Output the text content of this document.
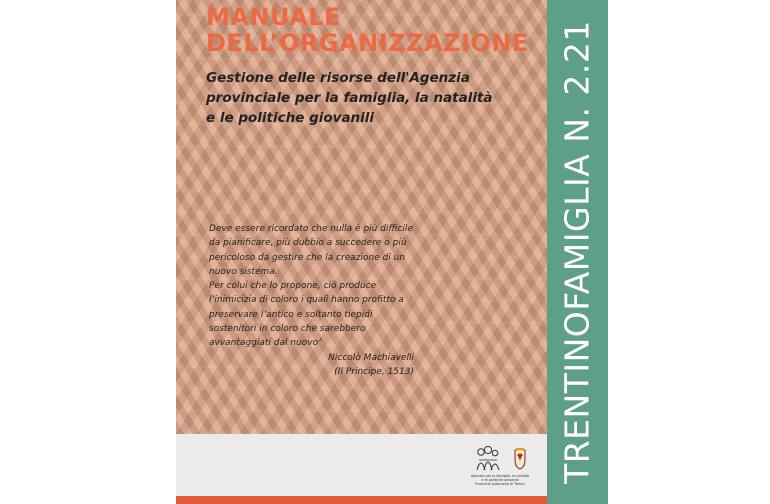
MANUALE
DELL’ORGANIZZAZIONE

Gestione delle risorse dell'Agenzia
provinciale per la famiglia, la natalità
e le politiche giovanili

Deve essere ricordato che nulla è più difficile
da pianificare, più dubbio a succedere o più
pericoloso da gestire che la creazione di un
nuovo sistema.
Per colui che lo propone, ciò produce
l’inimicizia di coloro i quali hanno profitto a
preservare l’antico e soltanto tiepidi
sostenitori in coloro che sarebbero
avvantaggiati dal nuovo’
Niccolò Machiavelli
(Il Principe, 1513)
Agenzia per la famiglia, la natalità
e le politiche giovanili
Provincia autonoma di Trento
TRENTINOFAMIGLIA N. 2.21
